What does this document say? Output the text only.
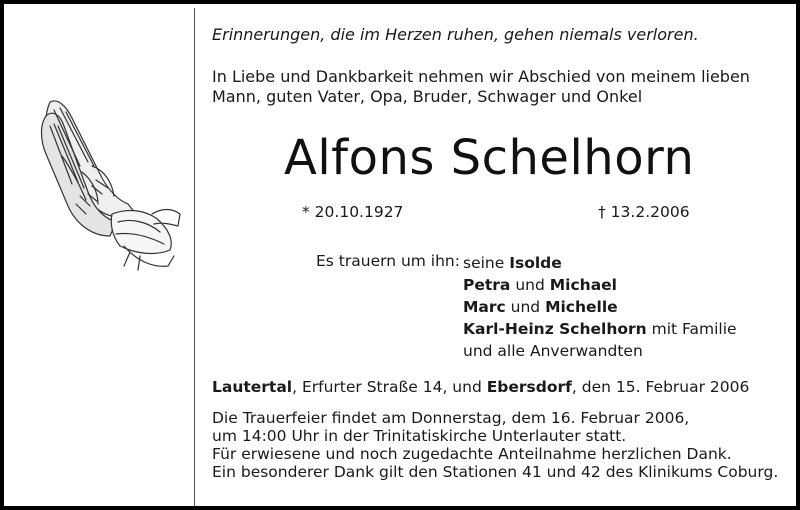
Erinnerungen, die im Herzen ruhen, gehen niemals verloren.
In Liebe und Dankbarkeit nehmen wir Abschied von meinem lieben
Mann, guten Vater, Opa, Bruder, Schwager und Onkel
Alfons Schelhorn
* 20.10.1927	† 13.2.2006
Es trauern um ihn: seine Isolde
Petra und Michael
Marc und Michelle
Karl-Heinz Schelhorn mit Familie
und alle Anverwandten
Lautertal, Erfurter Straße 14, und Ebersdorf, den 15. Februar 2006
Die Trauerfeier findet am Donnerstag, dem 16. Februar 2006,
um 14:00 Uhr in der Trinitatiskirche Unterlauter statt.
Für erwiesene und noch zugedachte Anteilnahme herzlichen Dank.
Ein besonderer Dank gilt den Stationen 41 und 42 des Klinikums Coburg.
